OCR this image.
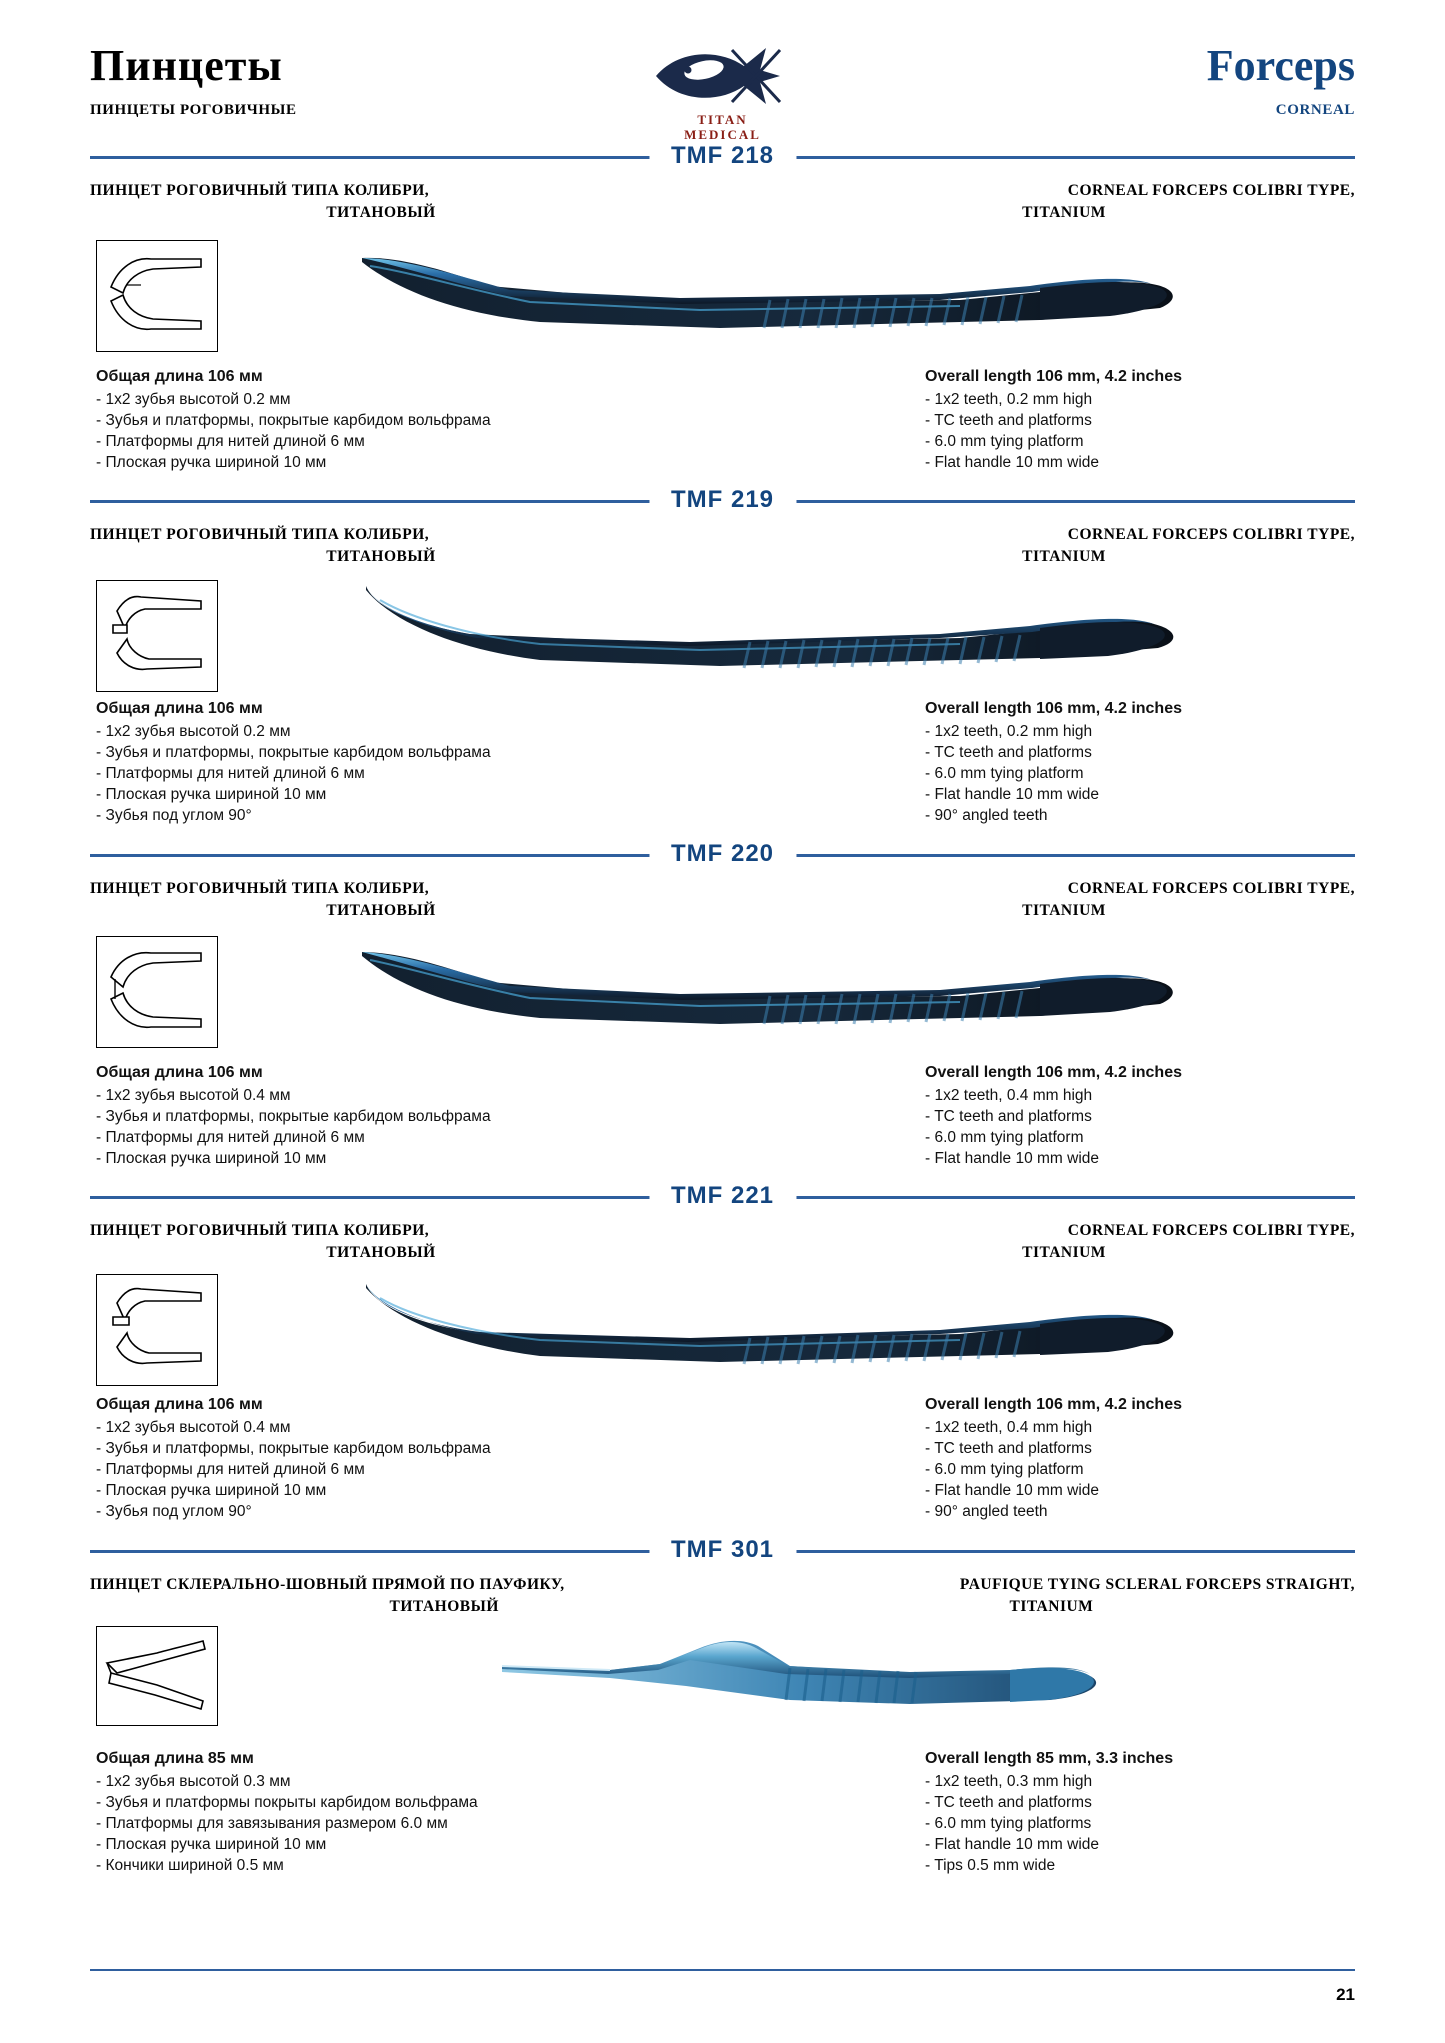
Пинцеты
ПИНЦЕТЫ РОГОВИЧНЫЕ
TITAN
MEDICAL
Forceps
CORNEAL
TMF 218
ПИНЦЕТ РОГОВИЧНЫЙ ТИПА КОЛИБРИ,
ТИТАНОВЫЙ
CORNEAL FORCEPS COLIBRI TYPE,
TITANIUM
Общая длина 106 мм
- 1x2 зубья высотой 0.2 мм
- Зубья и платформы, покрытые карбидом вольфрама
- Платформы для нитей длиной 6 мм
- Плоская ручка шириной 10 мм
Overall length 106 mm, 4.2 inches
- 1x2 teeth, 0.2 mm high
- TC teeth and platforms
- 6.0 mm tying platform
- Flat handle 10 mm wide
TMF 219
ПИНЦЕТ РОГОВИЧНЫЙ ТИПА КОЛИБРИ,
ТИТАНОВЫЙ
CORNEAL FORCEPS COLIBRI TYPE,
TITANIUM
Общая длина 106 мм
- 1x2 зубья высотой 0.2 мм
- Зубья и платформы, покрытые карбидом вольфрама
- Платформы для нитей длиной 6 мм
- Плоская ручка шириной 10 мм
- Зубья под углом 90°
Overall length 106 mm, 4.2 inches
- 1x2 teeth, 0.2 mm high
- TC teeth and platforms
- 6.0 mm tying platform
- Flat handle 10 mm wide
- 90° angled teeth
TMF 220
ПИНЦЕТ РОГОВИЧНЫЙ ТИПА КОЛИБРИ,
ТИТАНОВЫЙ
CORNEAL FORCEPS COLIBRI TYPE,
TITANIUM
Общая длина 106 мм
- 1x2 зубья высотой 0.4 мм
- Зубья и платформы, покрытые карбидом вольфрама
- Платформы для нитей длиной 6 мм
- Плоская ручка шириной 10 мм
Overall length 106 mm, 4.2 inches
- 1x2 teeth, 0.4 mm high
- TC teeth and platforms
- 6.0 mm tying platform
- Flat handle 10 mm wide
TMF 221
ПИНЦЕТ РОГОВИЧНЫЙ ТИПА КОЛИБРИ,
ТИТАНОВЫЙ
CORNEAL FORCEPS COLIBRI TYPE,
TITANIUM
Общая длина 106 мм
- 1x2 зубья высотой 0.4 мм
- Зубья и платформы, покрытые карбидом вольфрама
- Платформы для нитей длиной 6 мм
- Плоская ручка шириной 10 мм
- Зубья под углом 90°
Overall length 106 mm, 4.2 inches
- 1x2 teeth, 0.4 mm high
- TC teeth and platforms
- 6.0 mm tying platform
- Flat handle 10 mm wide
- 90° angled teeth
TMF 301
ПИНЦЕТ СКЛЕРАЛЬНО-ШОВНЫЙ ПРЯМОЙ ПО ПАУФИКУ,
ТИТАНОВЫЙ
PAUFIQUE TYING SCLERAL FORCEPS STRAIGHT,
TITANIUM
Общая длина 85 мм
- 1x2 зубья высотой 0.3 мм
- Зубья и платформы покрыты карбидом вольфрама
- Платформы для завязывания размером 6.0 мм
- Плоская ручка шириной 10 мм
- Кончики шириной 0.5 мм
Overall length 85 mm, 3.3 inches
- 1x2 teeth, 0.3 mm high
- TC teeth and platforms
- 6.0 mm tying platforms
- Flat handle 10 mm wide
- Tips 0.5 mm wide
21
